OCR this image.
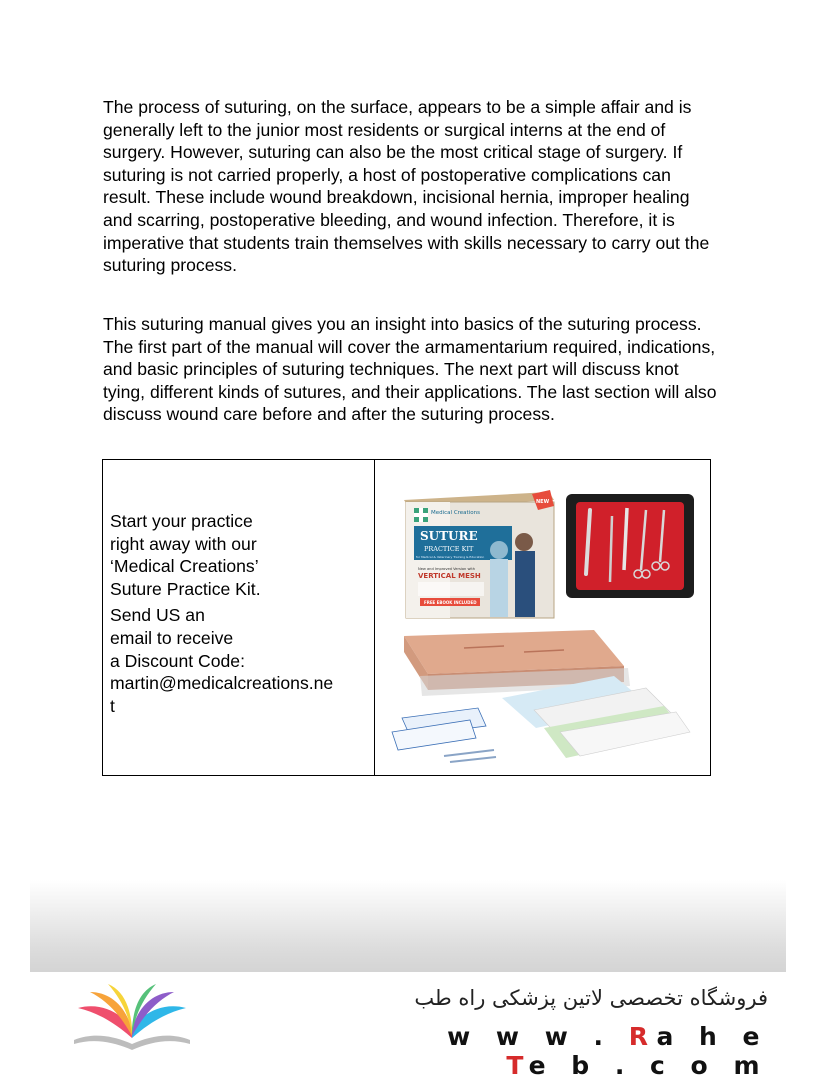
The process of suturing, on the surface, appears to be a simple affair and is generally left to the junior most residents or surgical interns at the end of surgery. However, suturing can also be the most critical stage of surgery. If suturing is not carried properly, a host of postoperative complications can result. These include wound breakdown, incisional hernia, improper healing and scarring, postoperative bleeding, and wound infection. Therefore, it is imperative that students train themselves with skills necessary to carry out the suturing process.

This suturing manual gives you an insight into basics of the suturing process. The first part of the manual will cover the armamentarium required, indications, and basic principles of suturing techniques. The next part will discuss knot tying, different kinds of sutures, and their applications. The last section will also discuss wound care before and after the suturing process.

Start your practice
right away with our
‘Medical Creations’
Suture Practice Kit.

Send US an
email to receive
a Discount Code:
martin@medicalcreations.ne
t

Medical Creations
SUTURE
PRACTICE KIT
for Medical & Veterinary Training & Education
New and Improved Version with
VERTICAL MESH
FREE EBOOK INCLUDED
NEW
فروشگاه تخصصی لاتین پزشکی راه طب
w w w . Ra h e Te b . c o m
